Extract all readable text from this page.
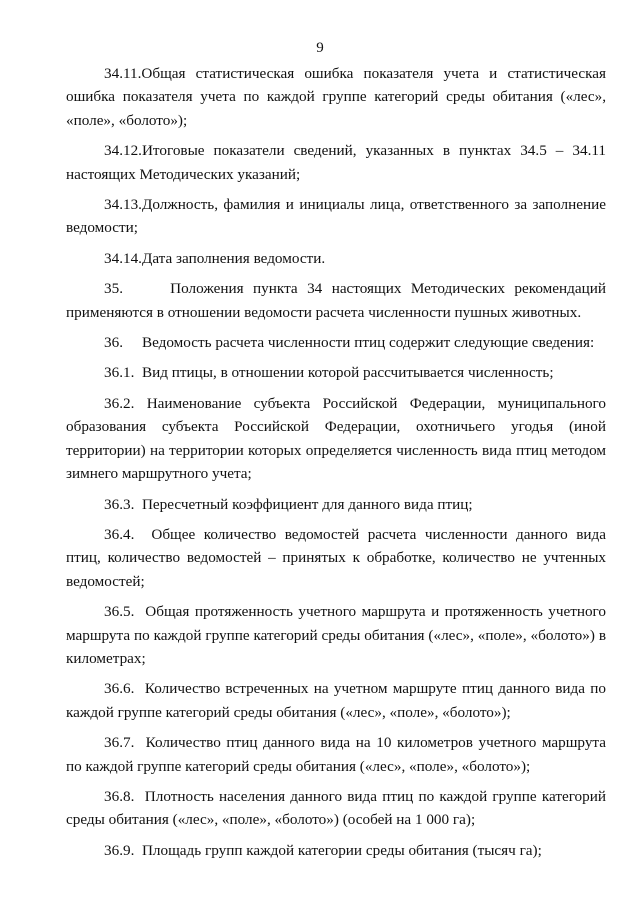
9

34.11.Общая статистическая ошибка показателя учета и статистическая ошибка показателя учета по каждой группе категорий среды обитания («лес», «поле», «болото»);

34.12.Итоговые показатели сведений, указанных в пунктах 34.5 – 34.11 настоящих Методических указаний;

34.13.Должность, фамилия и инициалы лица, ответственного за заполнение ведомости;

34.14.Дата заполнения ведомости.

35.     Положения пункта 34 настоящих Методических рекомендаций применяются в отношении ведомости расчета численности пушных животных.

36.     Ведомость расчета численности птиц содержит следующие сведения:

36.1.  Вид птицы, в отношении которой рассчитывается численность;

36.2. Наименование субъекта Российской Федерации, муниципального образования субъекта Российской Федерации, охотничьего угодья (иной территории) на территории которых определяется численность вида птиц методом зимнего маршрутного учета;

36.3.  Пересчетный коэффициент для данного вида птиц;

36.4.  Общее количество ведомостей расчета численности данного вида птиц, количество ведомостей – принятых к обработке, количество не учтенных ведомостей;

36.5.  Общая протяженность учетного маршрута и протяженность учетного маршрута по каждой группе категорий среды обитания («лес», «поле», «болото») в километрах;

36.6.  Количество встреченных на учетном маршруте птиц данного вида по каждой группе категорий среды обитания («лес», «поле», «болото»);

36.7.  Количество птиц данного вида на 10 километров учетного маршрута по каждой группе категорий среды обитания («лес», «поле», «болото»);

36.8.  Плотность населения данного вида птиц по каждой группе категорий среды обитания («лес», «поле», «болото») (особей на 1 000 га);

36.9.  Площадь групп каждой категории среды обитания (тысяч га);
